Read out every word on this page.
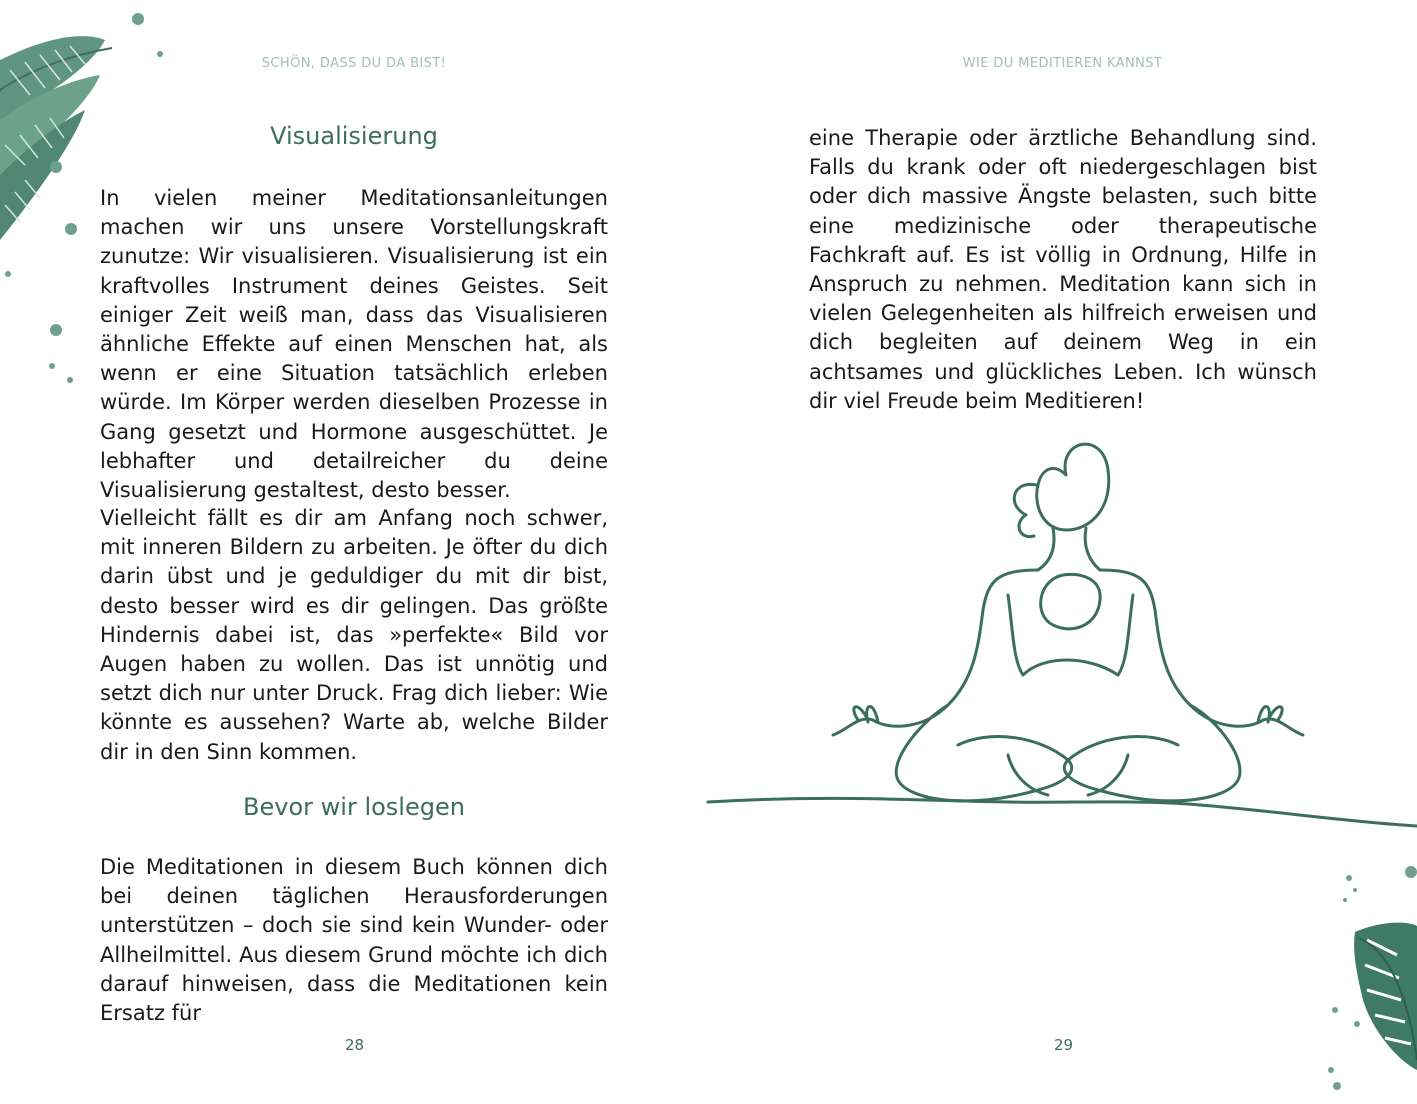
SCHÖN, DASS DU DA BIST!
Visualisierung

In vielen meiner Meditationsanleitungen machen wir uns unsere Vorstellungskraft zunutze: Wir visualisieren. Visualisierung ist ein kraftvolles Instrument deines Geistes. Seit einiger Zeit weiß man, dass das Visualisieren ähnliche Effekte auf einen Menschen hat, als wenn er eine Situation tatsächlich erleben würde. Im Körper werden dieselben Prozesse in Gang gesetzt und Hormone ausgeschüttet. Je lebhafter und detailreicher du deine Visualisierung gestaltest, desto besser.

Vielleicht fällt es dir am Anfang noch schwer, mit inneren Bildern zu arbeiten. Je öfter du dich darin übst und je geduldiger du mit dir bist, desto besser wird es dir gelingen. Das größte Hindernis dabei ist, das »perfekte« Bild vor Augen haben zu wollen. Das ist unnötig und setzt dich nur unter Druck. Frag dich lieber: Wie könnte es aussehen? Warte ab, welche Bilder dir in den Sinn kommen.

Bevor wir loslegen

Die Meditationen in diesem Buch können dich bei deinen täglichen Herausforderungen unterstützen – doch sie sind kein Wunder- oder Allheilmittel. Aus diesem Grund möchte ich dich darauf hinweisen, dass die Meditationen kein Ersatz für

28
WIE DU MEDITIEREN KANNST

eine Therapie oder ärztliche Behandlung sind. Falls du krank oder oft niedergeschlagen bist oder dich massive Ängste belasten, such bitte eine medizinische oder therapeutische Fachkraft auf. Es ist völlig in Ordnung, Hilfe in Anspruch zu nehmen. Meditation kann sich in vielen Gelegenheiten als hilfreich erweisen und dich begleiten auf deinem Weg in ein achtsames und glückliches Leben. Ich wünsch dir viel Freude beim Meditieren!

29
